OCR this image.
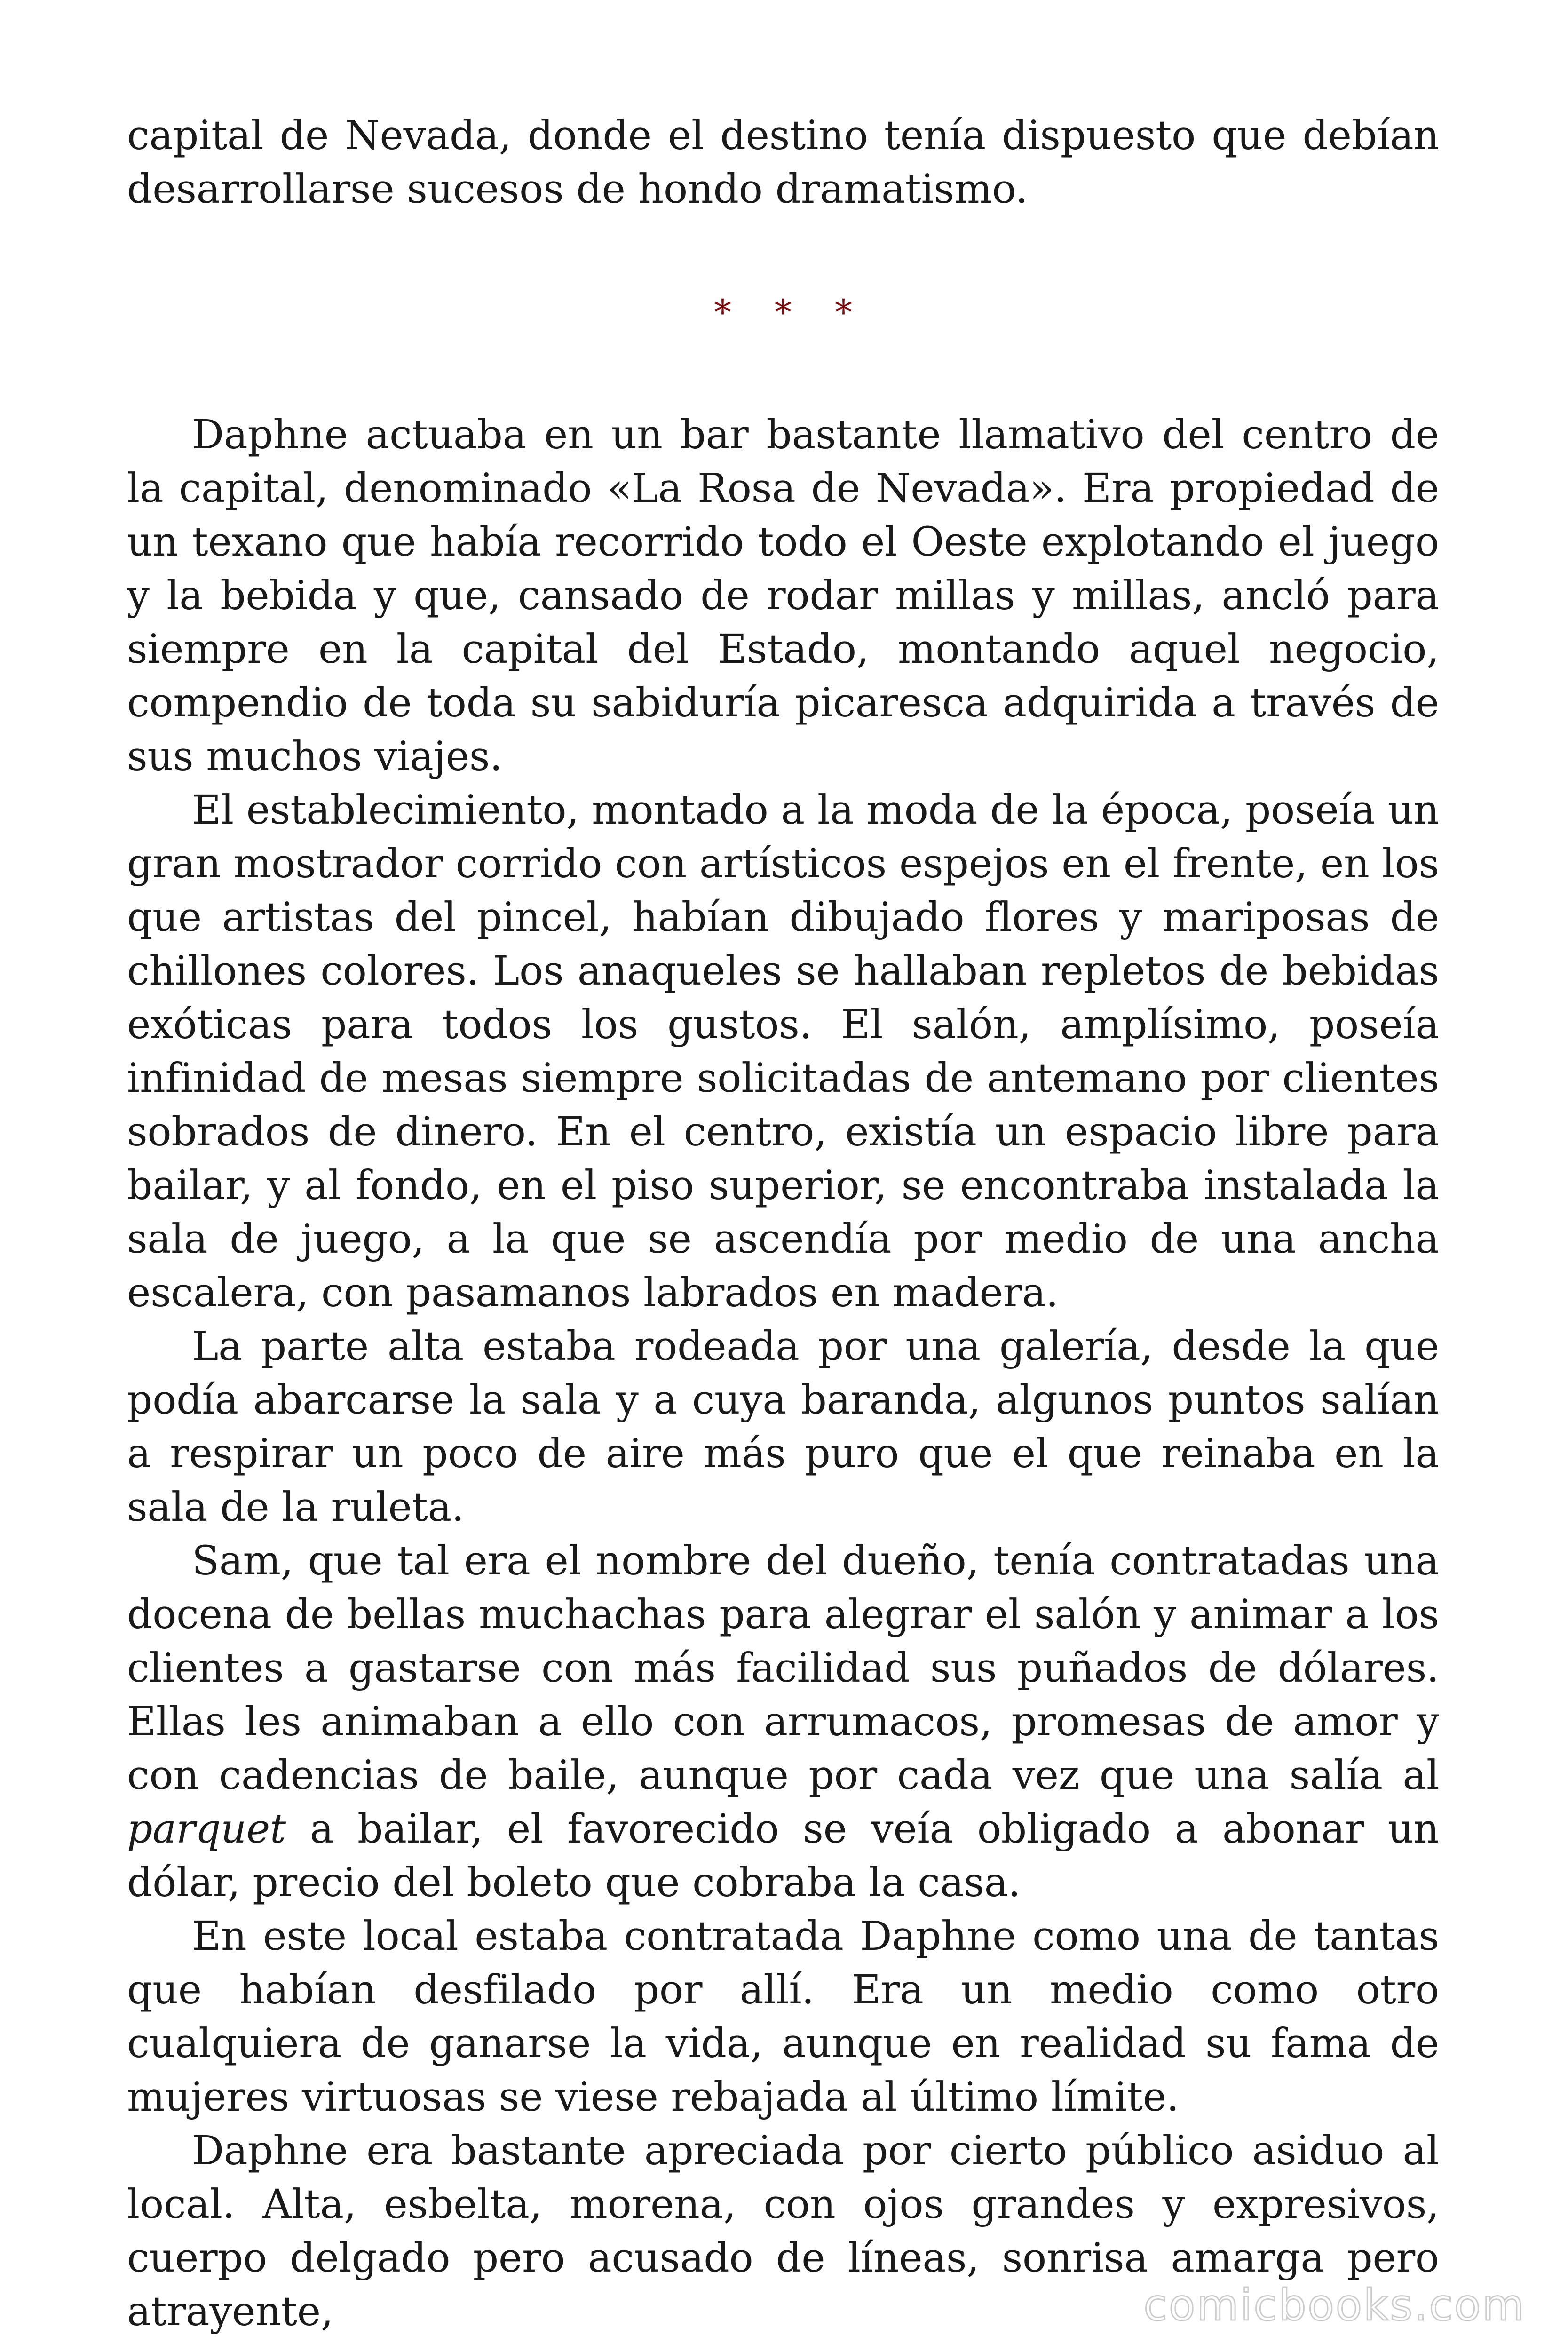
capital de Nevada, donde el destino tenía dispuesto que debían desarrollarse sucesos de hondo dramatismo.

* * *

Daphne actuaba en un bar bastante llamativo del centro de la capital, denominado «La Rosa de Nevada». Era propiedad de un texano que había recorrido todo el Oeste explotando el juego y la bebida y que, cansado de rodar millas y millas, ancló para siempre en la capital del Estado, montando aquel negocio, compendio de toda su sabiduría picaresca adquirida a través de sus muchos viajes.

El establecimiento, montado a la moda de la época, poseía un gran mostrador corrido con artísticos espejos en el frente, en los que artistas del pincel, habían dibujado flores y mariposas de chillones colores. Los anaqueles se hallaban repletos de bebidas exóticas para todos los gustos. El salón, amplísimo, poseía infinidad de mesas siempre solicitadas de antemano por clientes sobrados de dinero. En el centro, existía un espacio libre para bailar, y al fondo, en el piso superior, se encontraba instalada la sala de juego, a la que se ascendía por medio de una ancha escalera, con pasamanos labrados en madera.

La parte alta estaba rodeada por una galería, desde la que podía abarcarse la sala y a cuya baranda, algunos puntos salían a respirar un poco de aire más puro que el que reinaba en la sala de la ruleta.

Sam, que tal era el nombre del dueño, tenía contratadas una docena de bellas muchachas para alegrar el salón y animar a los clientes a gastarse con más facilidad sus puñados de dólares. Ellas les animaban a ello con arrumacos, promesas de amor y con cadencias de baile, aunque por cada vez que una salía al parquet a bailar, el favorecido se veía obligado a abonar un dólar, precio del boleto que cobraba la casa.

En este local estaba contratada Daphne como una de tantas que habían desfilado por allí. Era un medio como otro cualquiera de ganarse la vida, aunque en realidad su fama de mujeres virtuosas se viese rebajada al último límite.

Daphne era bastante apreciada por cierto público asiduo al local. Alta, esbelta, morena, con ojos grandes y expresivos, cuerpo delgado pero acusado de líneas, sonrisa amarga pero atrayente,	comicbooks.com
